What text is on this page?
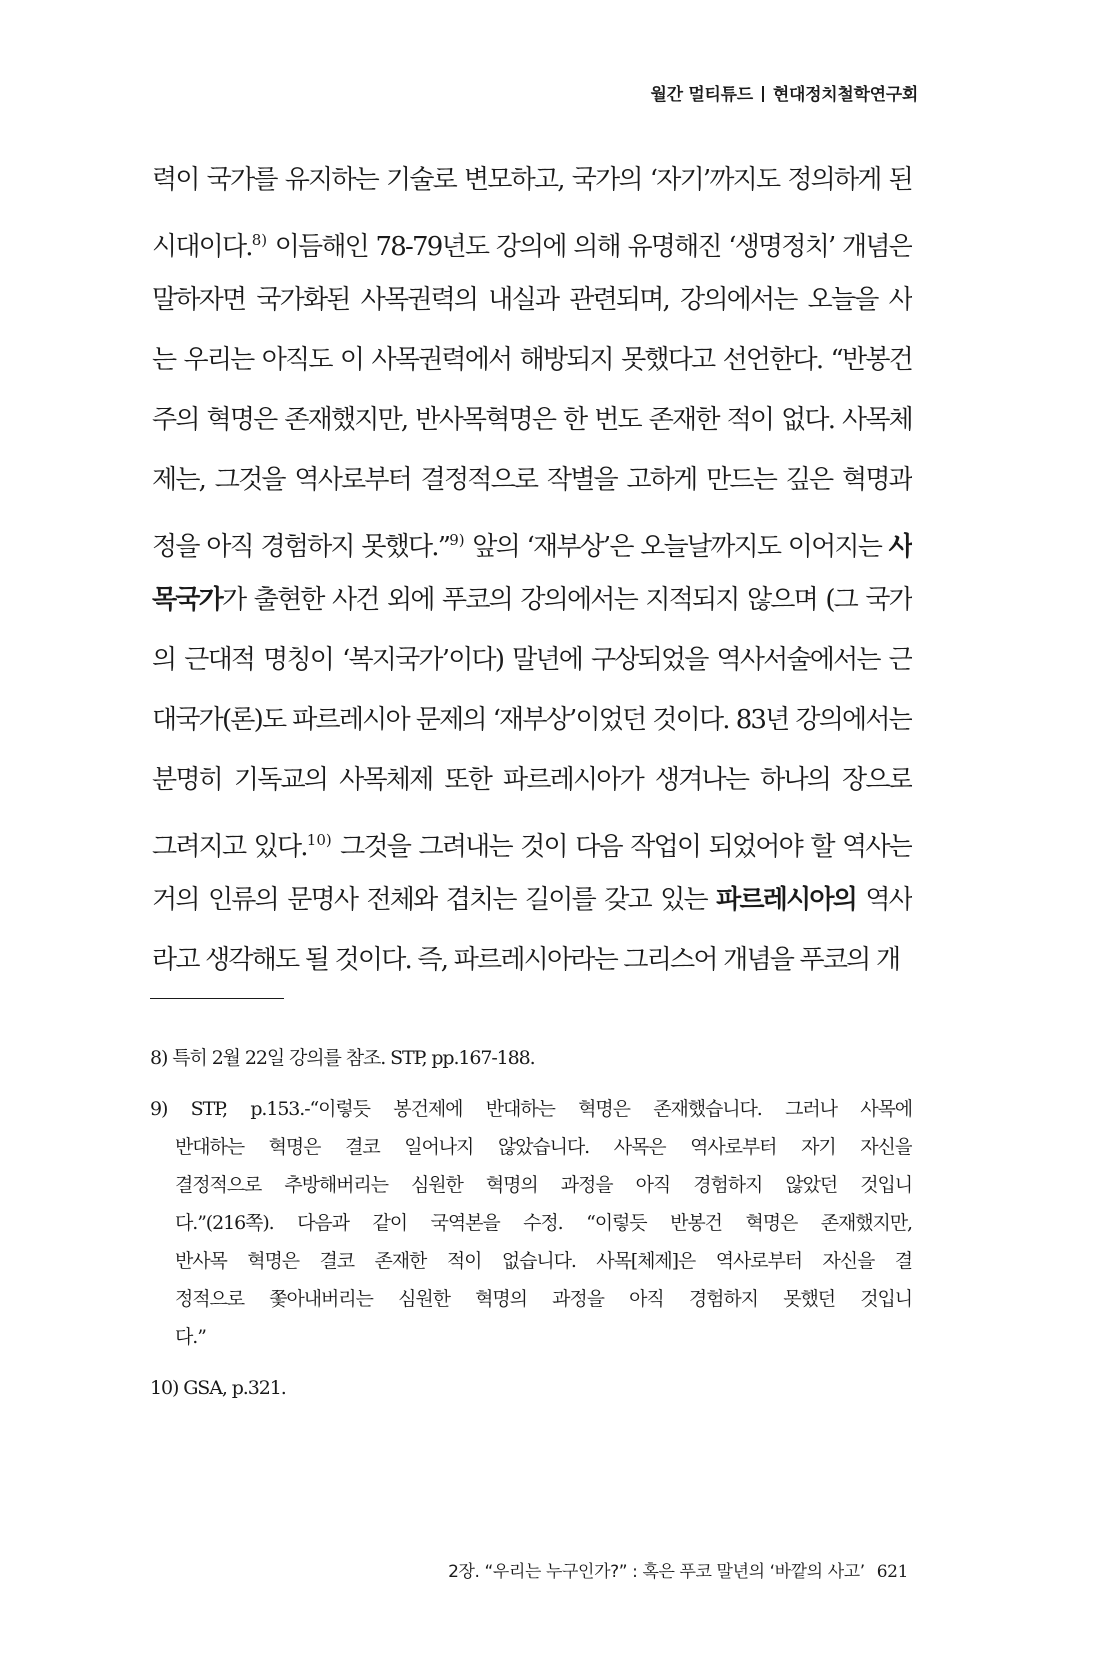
월간 멀티튜드 현대정치철학연구회
력이 국가를 유지하는 기술로 변모하고, 국가의 ‘자기’까지도 정의하게 된
시대이다.$^{8)}$ 이듬해인 78-79년도 강의에 의해 유명해진 ‘생명정치’ 개념은
말하자면 국가화된 사목권력의 내실과 관련되며, 강의에서는 오늘을 사
는 우리는 아직도 이 사목권력에서 해방되지 못했다고 선언한다. “반봉건
주의 혁명은 존재했지만, 반사목혁명은 한 번도 존재한 적이 없다. 사목체
제는, 그것을 역사로부터 결정적으로 작별을 고하게 만드는 깊은 혁명과
정을 아직 경험하지 못했다.”$^{9)}$ 앞의 ‘재부상’은 오늘날까지도 이어지는 사
목국가가 출현한 사건 외에 푸코의 강의에서는 지적되지 않으며 (그 국가
의 근대적 명칭이 ‘복지국가’이다) 말년에 구상되었을 역사서술에서는 근
대국가(론)도 파르레시아 문제의 ‘재부상’이었던 것이다. 83년 강의에서는
분명히 기독교의 사목체제 또한 파르레시아가 생겨나는 하나의 장으로
그려지고 있다.$^{10)}$ 그것을 그려내는 것이 다음 작업이 되었어야 할 역사는
거의 인류의 문명사 전체와 겹치는 길이를 갖고 있는 파르레시아의 역사
라고 생각해도 될 것이다. 즉, 파르레시아라는 그리스어 개념을 푸코의 개
8) 특히 2월 22일 강의를 참조. STP, pp.167-188.
9) STP, p.153.-“이렇듯 봉건제에 반대하는 혁명은 존재했습니다. 그러나 사목에
반대하는 혁명은 결코 일어나지 않았습니다. 사목은 역사로부터 자기 자신을
결정적으로 추방해버리는 심원한 혁명의 과정을 아직 경험하지 않았던 것입니
다.”(216쪽). 다음과 같이 국역본을 수정. “이렇듯 반봉건 혁명은 존재했지만,
반사목 혁명은 결코 존재한 적이 없습니다. 사목[체제]은 역사로부터 자신을 결
정적으로 쫓아내버리는 심원한 혁명의 과정을 아직 경험하지 못했던 것입니
다.”
10) GSA, p.321.
2장. “우리는 누구인가?” : 혹은 푸코 말년의 ‘바깥의 사고’ 621
